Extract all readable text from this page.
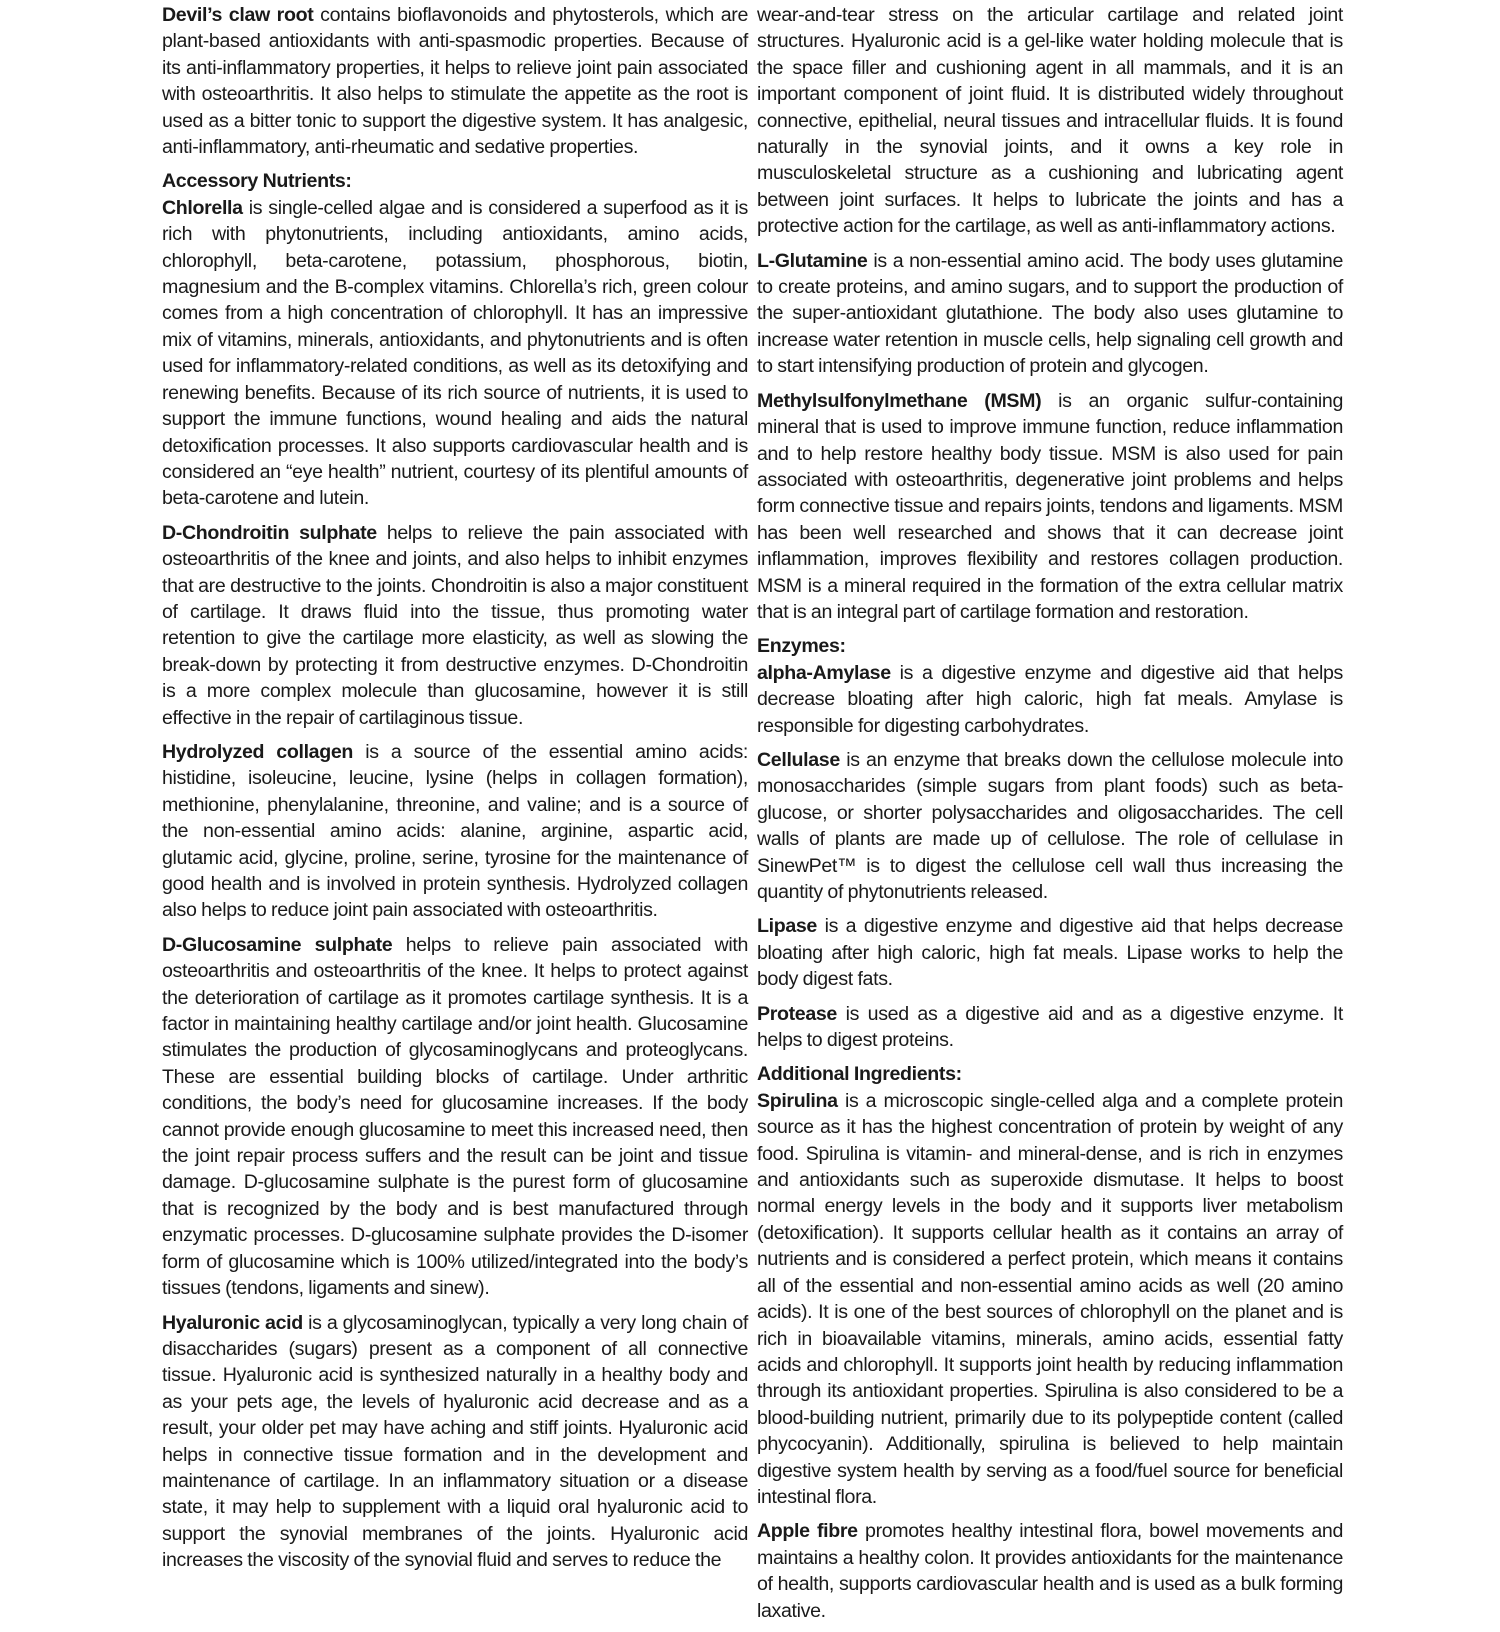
Devil’s claw root contains bioflavonoids and phytosterols, which are plant-based antioxidants with anti-spasmodic properties. Because of its anti-inflammatory properties, it helps to relieve joint pain associated with osteoarthritis. It also helps to stimulate the appetite as the root is used as a bitter tonic to support the digestive system. It has analgesic, anti-inflammatory, anti-rheumatic and sedative properties.

Accessory Nutrients:

Chlorella is single-celled algae and is considered a superfood as it is rich with phytonutrients, including antioxidants, amino acids, chlorophyll, beta-carotene, potassium, phosphorous, biotin, magnesium and the B-complex vitamins. Chlorella’s rich, green colour comes from a high concentration of chlorophyll. It has an impressive mix of vitamins, minerals, antioxidants, and phytonutrients and is often used for inflammatory-related conditions, as well as its detoxifying and renewing benefits. Because of its rich source of nutrients, it is used to support the immune functions, wound healing and aids the natural detoxification processes. It also supports cardiovascular health and is considered an “eye health” nutrient, courtesy of its plentiful amounts of beta-carotene and lutein.

D-Chondroitin sulphate helps to relieve the pain associated with osteoarthritis of the knee and joints, and also helps to inhibit enzymes that are destructive to the joints. Chondroitin is also a major constituent of cartilage. It draws fluid into the tissue, thus promoting water retention to give the cartilage more elasticity, as well as slowing the break-down by protecting it from destructive enzymes. D-Chondroitin is a more complex molecule than glucosamine, however it is still effective in the repair of cartilaginous tissue.

Hydrolyzed collagen is a source of the essential amino acids: histidine, isoleucine, leucine, lysine (helps in collagen formation), methionine, phenylalanine, threonine, and valine; and is a source of the non-essential amino acids: alanine, arginine, aspartic acid, glutamic acid, glycine, proline, serine, tyrosine for the maintenance of good health and is involved in protein synthesis. Hydrolyzed collagen also helps to reduce joint pain associated with osteoarthritis.

D-Glucosamine sulphate helps to relieve pain associated with osteoarthritis and osteoarthritis of the knee. It helps to protect against the deterioration of cartilage as it promotes cartilage synthesis. It is a factor in maintaining healthy cartilage and/or joint health. Glucosamine stimulates the production of glycosaminoglycans and proteoglycans. These are essential building blocks of cartilage. Under arthritic conditions, the body’s need for glucosamine increases. If the body cannot provide enough glucosamine to meet this increased need, then the joint repair process suffers and the result can be joint and tissue damage. D-glucosamine sulphate is the purest form of glucosamine that is recognized by the body and is best manufactured through enzymatic processes. D-glucosamine sulphate provides the D-isomer form of glucosamine which is 100% utilized/integrated into the body’s tissues (tendons, ligaments and sinew).

Hyaluronic acid is a glycosaminoglycan, typically a very long chain of disaccharides (sugars) present as a component of all connective tissue. Hyaluronic acid is synthesized naturally in a healthy body and as your pets age, the levels of hyaluronic acid decrease and as a result, your older pet may have aching and stiff joints. Hyaluronic acid helps in connective tissue formation and in the development and maintenance of cartilage. In an inflammatory situation or a disease state, it may help to supplement with a liquid oral hyaluronic acid to support the synovial membranes of the joints. Hyaluronic acid increases the viscosity of the synovial fluid and serves to reduce the

wear-and-tear stress on the articular cartilage and related joint structures. Hyaluronic acid is a gel-like water holding molecule that is the space filler and cushioning agent in all mammals, and it is an important component of joint fluid. It is distributed widely throughout connective, epithelial, neural tissues and intracellular fluids. It is found naturally in the synovial joints, and it owns a key role in musculoskeletal structure as a cushioning and lubricating agent between joint surfaces. It helps to lubricate the joints and has a protective action for the cartilage, as well as anti-inflammatory actions.

L-Glutamine is a non-essential amino acid. The body uses glutamine to create proteins, and amino sugars, and to support the production of the super-antioxidant glutathione. The body also uses glutamine to increase water retention in muscle cells, help signaling cell growth and to start intensifying production of protein and glycogen.

Methylsulfonylmethane (MSM) is an organic sulfur-containing mineral that is used to improve immune function, reduce inflammation and to help restore healthy body tissue. MSM is also used for pain associated with osteoarthritis, degenerative joint problems and helps form connective tissue and repairs joints, tendons and ligaments. MSM has been well researched and shows that it can decrease joint inflammation, improves flexibility and restores collagen production. MSM is a mineral required in the formation of the extra cellular matrix that is an integral part of cartilage formation and restoration.

Enzymes:

alpha-Amylase is a digestive enzyme and digestive aid that helps decrease bloating after high caloric, high fat meals. Amylase is responsible for digesting carbohydrates.

Cellulase is an enzyme that breaks down the cellulose molecule into monosaccharides (simple sugars from plant foods) such as beta-glucose, or shorter polysaccharides and oligosaccharides. The cell walls of plants are made up of cellulose. The role of cellulase in SinewPet™ is to digest the cellulose cell wall thus increasing the quantity of phytonutrients released.

Lipase is a digestive enzyme and digestive aid that helps decrease bloating after high caloric, high fat meals. Lipase works to help the body digest fats.

Protease is used as a digestive aid and as a digestive enzyme. It helps to digest proteins.

Additional Ingredients:

Spirulina is a microscopic single-celled alga and a complete protein source as it has the highest concentration of protein by weight of any food. Spirulina is vitamin- and mineral-dense, and is rich in enzymes and antioxidants such as superoxide dismutase. It helps to boost normal energy levels in the body and it supports liver metabolism (detoxification). It supports cellular health as it contains an array of nutrients and is considered a perfect protein, which means it contains all of the essential and non-essential amino acids as well (20 amino acids). It is one of the best sources of chlorophyll on the planet and is rich in bioavailable vitamins, minerals, amino acids, essential fatty acids and chlorophyll. It supports joint health by reducing inflammation through its antioxidant properties. Spirulina is also considered to be a blood-building nutrient, primarily due to its polypeptide content (called phycocyanin). Additionally, spirulina is believed to help maintain digestive system health by serving as a food/fuel source for beneficial intestinal flora.

Apple fibre promotes healthy intestinal flora, bowel movements and maintains a healthy colon. It provides antioxidants for the maintenance of health, supports cardiovascular health and is used as a bulk forming laxative.
